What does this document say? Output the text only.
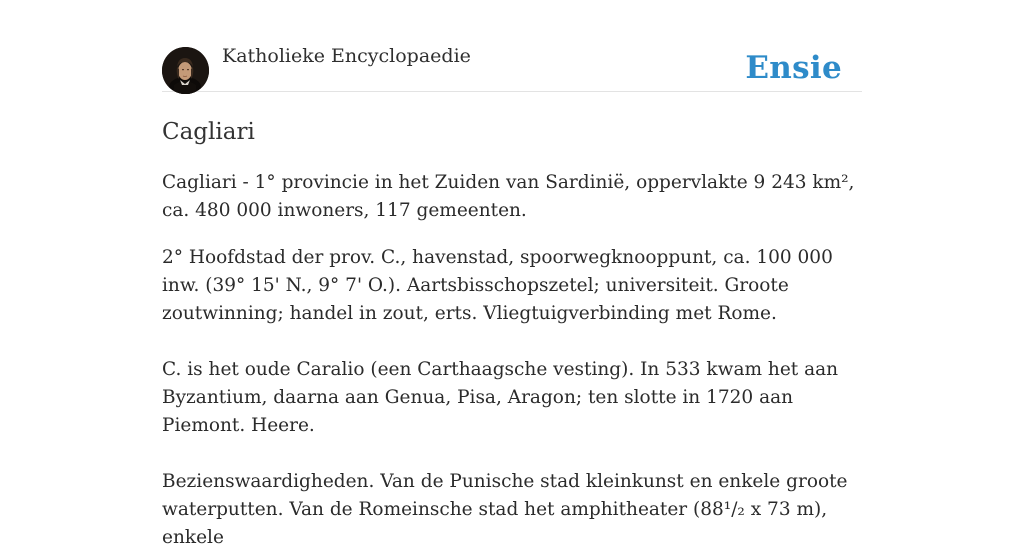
Katholieke Encyclopaedie	Ensie
Cagliari

Cagliari - 1° provincie in het Zuiden van Sardinië, oppervlakte 9 243 km², ca. 480 000 inwoners, 117 gemeenten.

2° Hoofdstad der prov. C., havenstad, spoorwegknooppunt, ca. 100 000 inw. (39° 15' N., 9° 7' O.). Aartsbisschopszetel; universiteit. Groote zoutwinning; handel in zout, erts. Vliegtuigverbinding met Rome.

C. is het oude Caralio (een Carthaagsche vesting). In 533 kwam het aan Byzantium, daarna aan Genua, Pisa, Aragon; ten slotte in 1720 aan Piemont. Heere.

Bezienswaardigheden. Van de Punische stad kleinkunst en enkele groote waterputten. Van de Romeinsche stad het amphitheater (88¹/₂ x 73 m), enkele
